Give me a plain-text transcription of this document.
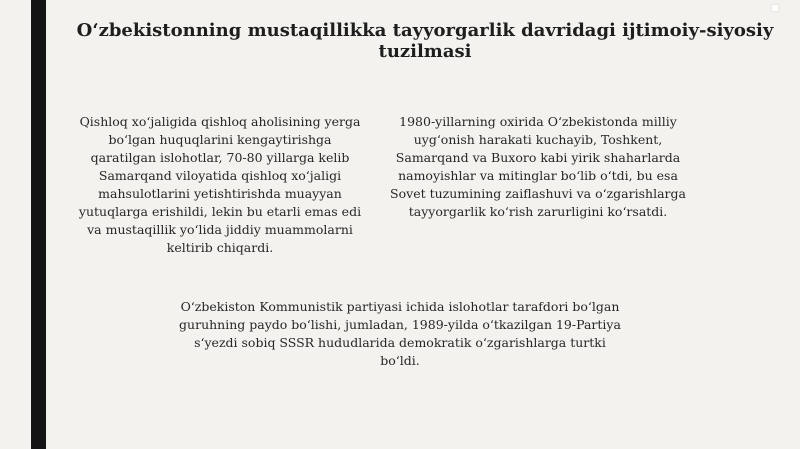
O‘zbekistonning mustaqillikka tayyorgarlik davridagi ijtimoiy-siyosiy tuzilmasi
Qishloq xo‘jaligida qishloq aholisining yerga
bo‘lgan huquqlarini kengaytirishga
qaratilgan islohotlar, 70-80 yillarga kelib
Samarqand viloyatida qishloq xo‘jaligi
mahsulotlarini yetishtirishda muayyan
yutuqlarga erishildi, lekin bu etarli emas edi
va mustaqillik yo‘lida jiddiy muammolarni
keltirib chiqardi.
1980-yillarning oxirida O‘zbekistonda milliy
uyg‘onish harakati kuchayib, Toshkent,
Samarqand va Buxoro kabi yirik shaharlarda
namoyishlar va mitinglar bo‘lib o‘tdi, bu esa
Sovet tuzumining zaiflashuvi va o‘zgarishlarga
tayyorgarlik ko‘rish zarurligini ko‘rsatdi.
O‘zbekiston Kommunistik partiyasi ichida islohotlar tarafdori bo‘lgan
guruhning paydo bo‘lishi, jumladan, 1989-yilda o‘tkazilgan 19-Partiya
s‘yezdi sobiq SSSR hududlarida demokratik o‘zgarishlarga turtki
bo‘ldi.
